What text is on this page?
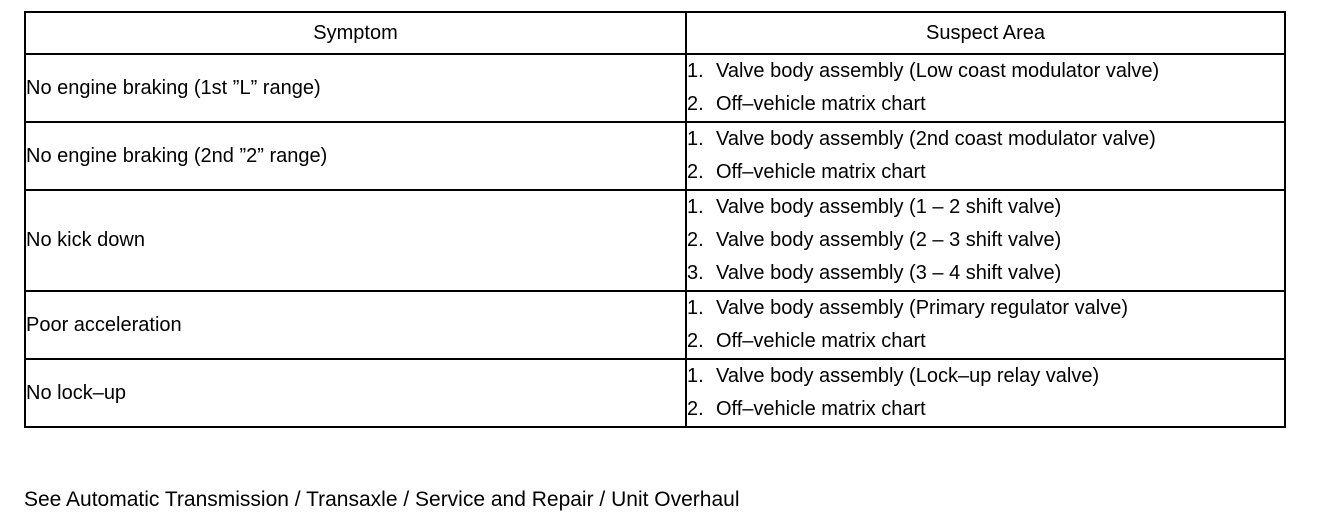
Symptom	Suspect Area
No engine braking (1st ”L” range)	1. Valve body assembly (Low coast modulator valve)
2. Off–vehicle matrix chart

No engine braking (2nd ”2” range)	1. Valve body assembly (2nd coast modulator valve)
2. Off–vehicle matrix chart

No kick down	1. Valve body assembly (1 – 2 shift valve)
2. Valve body assembly (2 – 3 shift valve)
3. Valve body assembly (3 – 4 shift valve)

Poor acceleration	1. Valve body assembly (Primary regulator valve)
2. Off–vehicle matrix chart

No lock–up	1. Valve body assembly (Lock–up relay valve)
2. Off–vehicle matrix chart
See Automatic Transmission / Transaxle / Service and Repair / Unit Overhaul
